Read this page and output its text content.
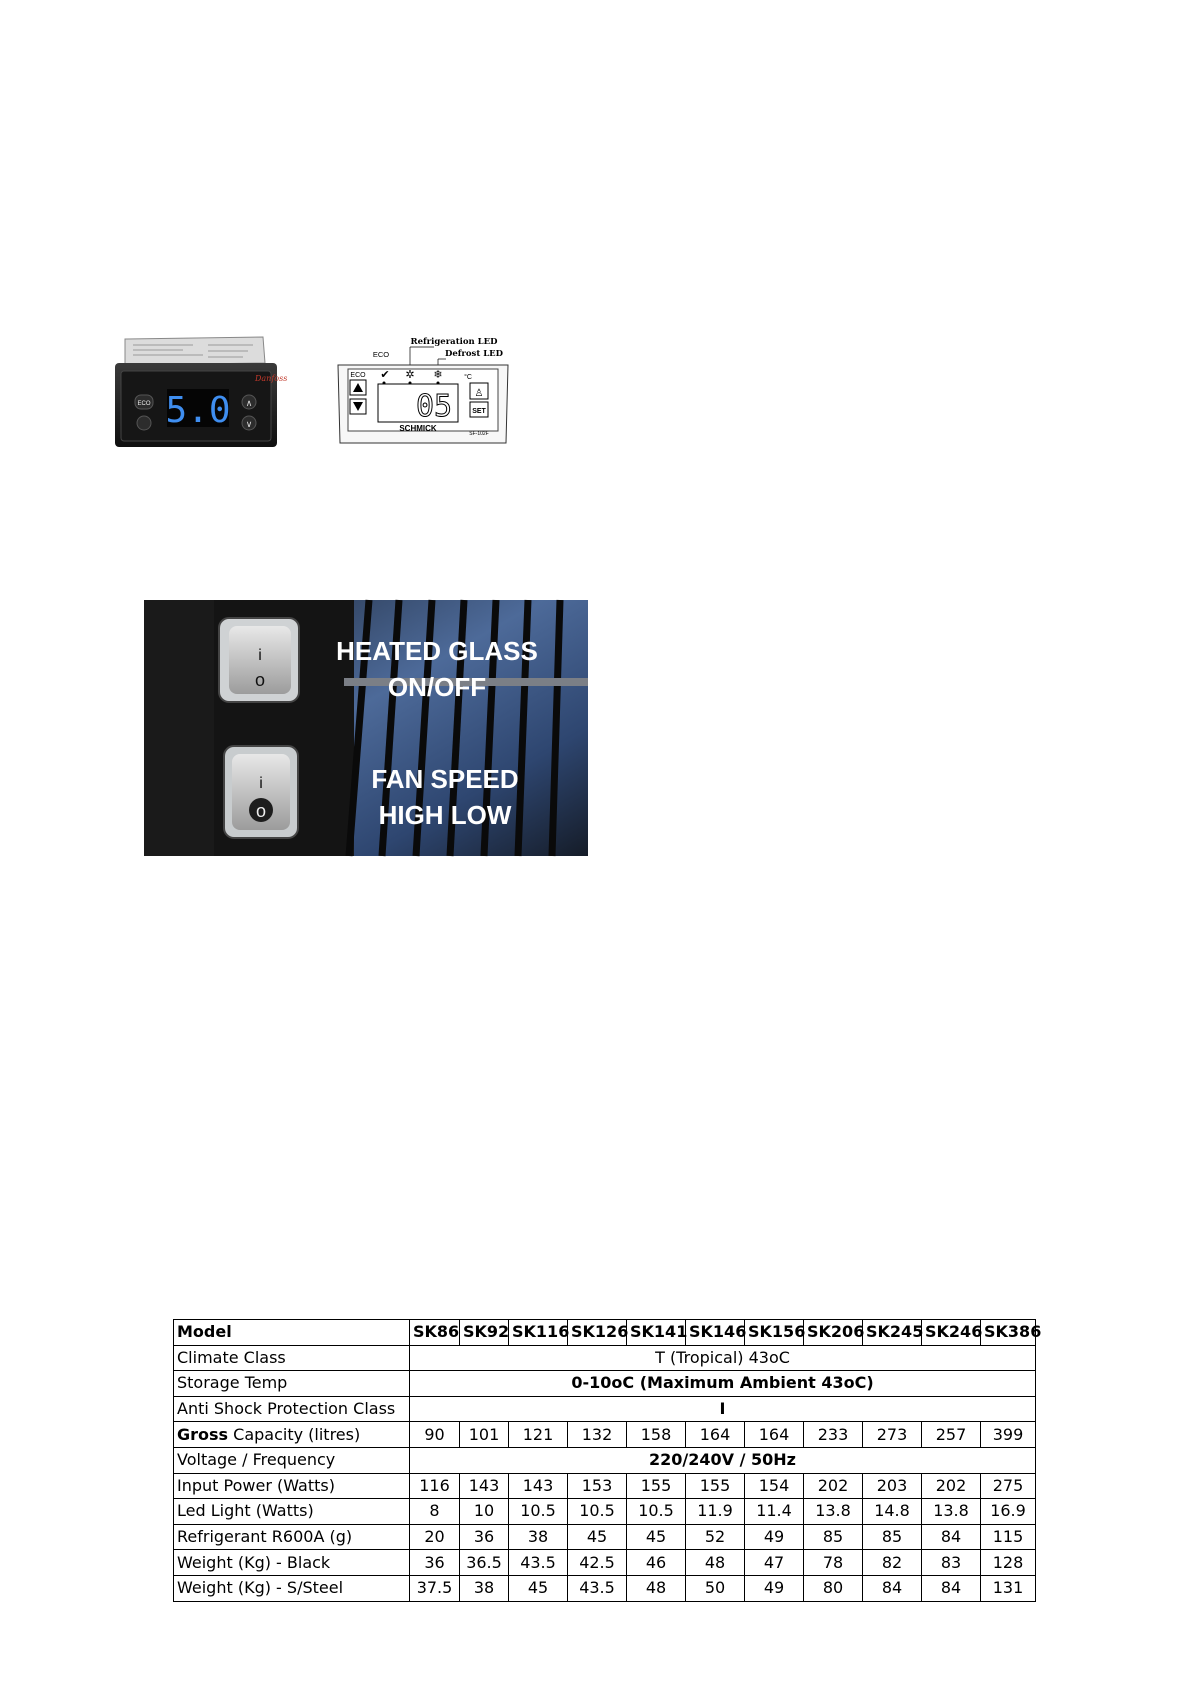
Danfoss
ECO 5.0 ∧
∨
Refrigeration LED
Defrost LED
ECO
✔ ✲ ❄	°C
ECO
05 ♙
SET
SCHMICK
SF-102F
i
o
i
o
HEATED GLASS
ON/OFF
FAN SPEED
HIGH LOW
Model	SK86	SK92	SK116	SK126	SK141	SK146	SK156	SK206	SK245	SK246	SK386
Climate Class	T (Tropical) 43oC										
Storage Temp	0-10oC (Maximum Ambient 43oC)										
Anti Shock Protection Class	I										
Gross Capacity (litres)	90	101	121	132	158	164	164	233	273	257	399
Voltage / Frequency	220/240V / 50Hz										
Input Power (Watts)	116	143	143	153	155	155	154	202	203	202	275
Led Light (Watts)	8	10	10.5	10.5	10.5	11.9	11.4	13.8	14.8	13.8	16.9
Refrigerant R600A (g)	20	36	38	45	45	52	49	85	85	84	115
Weight (Kg) - Black	36	36.5	43.5	42.5	46	48	47	78	82	83	128
Weight (Kg) - S/Steel	37.5	38	45	43.5	48	50	49	80	84	84	131
